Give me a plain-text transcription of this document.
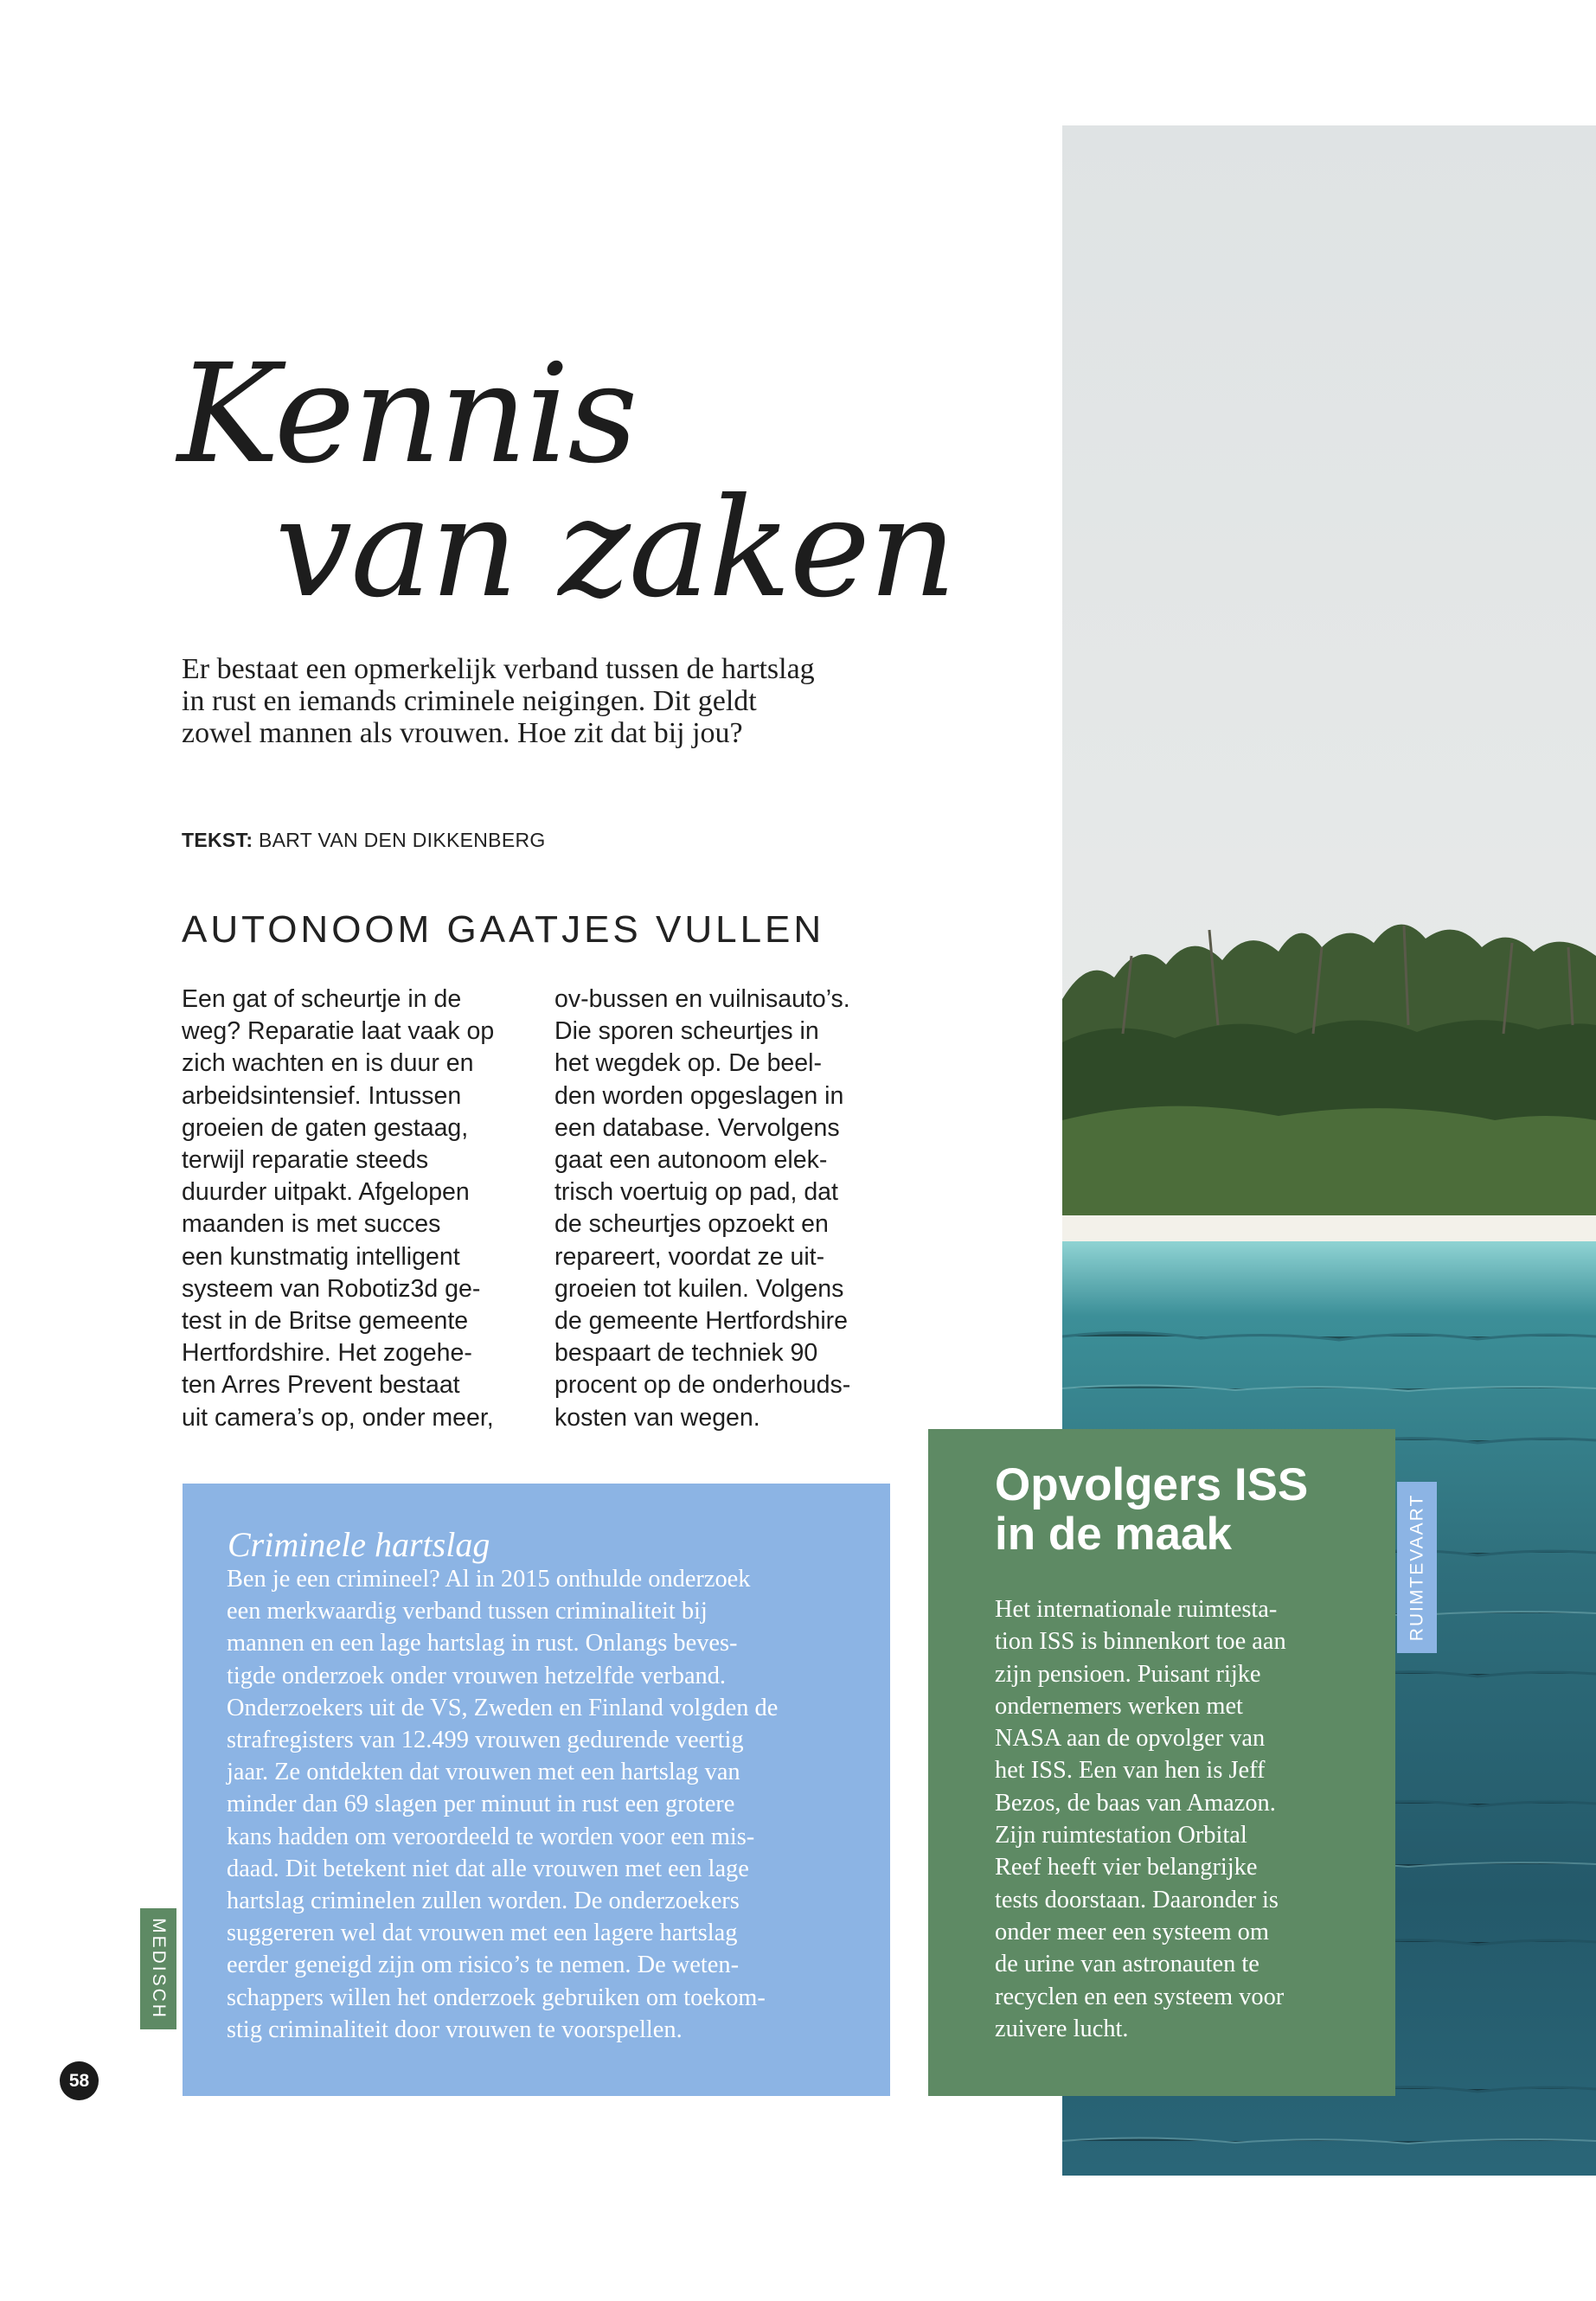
Kennis
van zaken

Er bestaat een opmerkelijk verband tussen de hartslag in rust en iemands criminele neigingen. Dit geldt zowel mannen als vrouwen. Hoe zit dat bij jou?

TEKST: BART VAN DEN DIKKENBERG

AUTONOOM GAATJES VULLEN

Een gat of scheurtje in de
weg? Reparatie laat vaak op
zich wachten en is duur en
arbeidsintensief. Intussen
groeien de gaten gestaag,
terwijl reparatie steeds
duurder uitpakt. Afgelopen
maanden is met succes
een kunstmatig intelligent
systeem van Robotiz3d ge-
test in de Britse gemeente
Hertfordshire. Het zogehe-
ten Arres Prevent bestaat
uit camera’s op, onder meer,

ov-bussen en vuilnisauto’s.
Die sporen scheurtjes in
het wegdek op. De beel-
den worden opgeslagen in
een database. Vervolgens
gaat een autonoom elek-
trisch voertuig op pad, dat
de scheurtjes opzoekt en
repareert, voordat ze uit-
groeien tot kuilen. Volgens
de gemeente Hertfordshire
bespaart de techniek 90
procent op de onderhouds-
kosten van wegen.

Criminele hartslag

Ben je een crimineel? Al in 2015 onthulde onderzoek
een merkwaardig verband tussen criminaliteit bij
mannen en een lage hartslag in rust. Onlangs beves-
tigde onderzoek onder vrouwen hetzelfde verband.
Onderzoekers uit de VS, Zweden en Finland volgden de
strafregisters van 12.499 vrouwen gedurende veertig
jaar. Ze ontdekten dat vrouwen met een hartslag van
minder dan 69 slagen per minuut in rust een grotere
kans hadden om veroordeeld te worden voor een mis-
daad. Dit betekent niet dat alle vrouwen met een lage
hartslag criminelen zullen worden. De onderzoekers
suggereren wel dat vrouwen met een lagere hartslag
eerder geneigd zijn om risico’s te nemen. De weten-
schappers willen het onderzoek gebruiken om toekom-
stig criminaliteit door vrouwen te voorspellen.

MEDISCH
Opvolgers ISS
in de maak

Het internationale ruimtesta-
tion ISS is binnenkort toe aan
zijn pensioen. Puisant rijke
ondernemers werken met
NASA aan de opvolger van
het ISS. Een van hen is Jeff
Bezos, de baas van Amazon.
Zijn ruimtestation Orbital
Reef heeft vier belangrijke
tests doorstaan. Daaronder is
onder meer een systeem om
de urine van astronauten te
recyclen en een systeem voor
zuivere lucht.

RUIMTEVAART
58
